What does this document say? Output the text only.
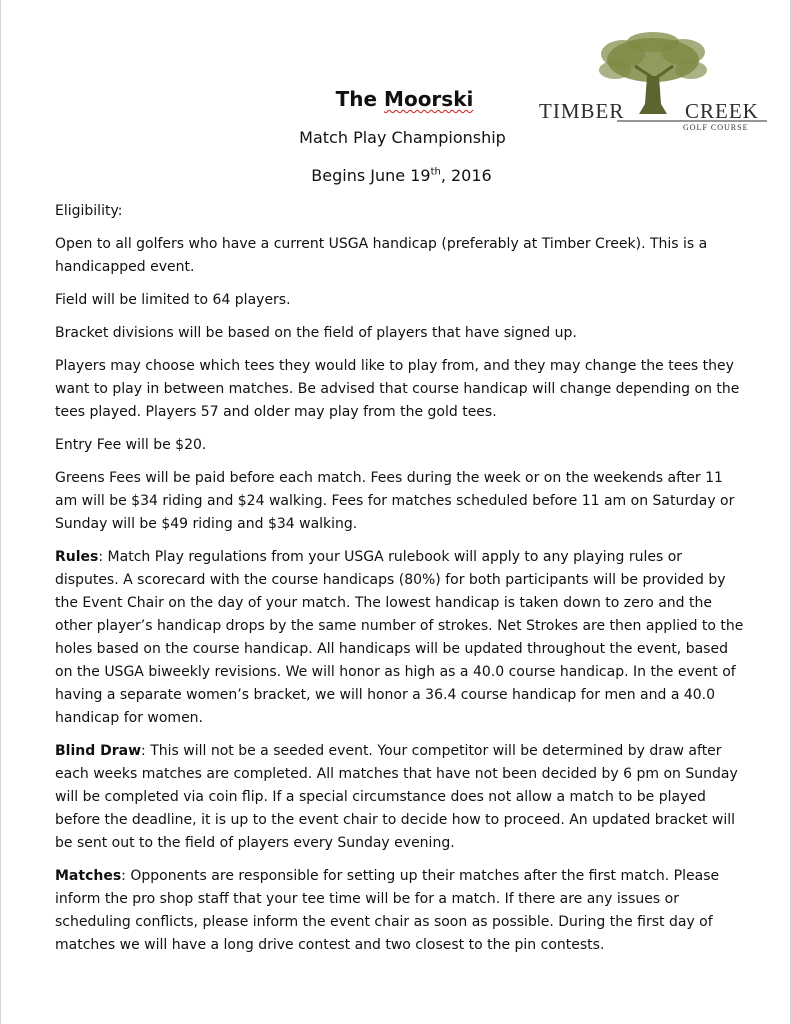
TIMBER	CREEK
GOLF COURSE
The Moorski
Match Play Championship
Begins June 19th, 2016

Eligibility:

Open to all golfers who have a current USGA handicap (preferably at Timber Creek). This is a handicapped event.

Field will be limited to 64 players.

Bracket divisions will be based on the field of players that have signed up.

Players may choose which tees they would like to play from, and they may change the tees they want to play in between matches. Be advised that course handicap will change depending on the tees played. Players 57 and older may play from the gold tees.

Entry Fee will be $20.

Greens Fees will be paid before each match. Fees during the week or on the weekends after 11 am will be $34 riding and $24 walking. Fees for matches scheduled before 11 am on Saturday or Sunday will be $49 riding and $34 walking.

Rules: Match Play regulations from your USGA rulebook will apply to any playing rules or disputes. A scorecard with the course handicaps (80%) for both participants will be provided by the Event Chair on the day of your match. The lowest handicap is taken down to zero and the other player’s handicap drops by the same number of strokes. Net Strokes are then applied to the holes based on the course handicap. All handicaps will be updated throughout the event, based on the USGA biweekly revisions. We will honor as high as a 40.0 course handicap. In the event of having a separate women’s bracket, we will honor a 36.4 course handicap for men and a 40.0 handicap for women.

Blind Draw: This will not be a seeded event. Your competitor will be determined by draw after each weeks matches are completed. All matches that have not been decided by 6 pm on Sunday will be completed via coin flip. If a special circumstance does not allow a match to be played before the deadline, it is up to the event chair to decide how to proceed. An updated bracket will be sent out to the field of players every Sunday evening.

Matches: Opponents are responsible for setting up their matches after the first match. Please inform the pro shop staff that your tee time will be for a match. If there are any issues or scheduling conflicts, please inform the event chair as soon as possible. During the first day of matches we will have a long drive contest and two closest to the pin contests.
